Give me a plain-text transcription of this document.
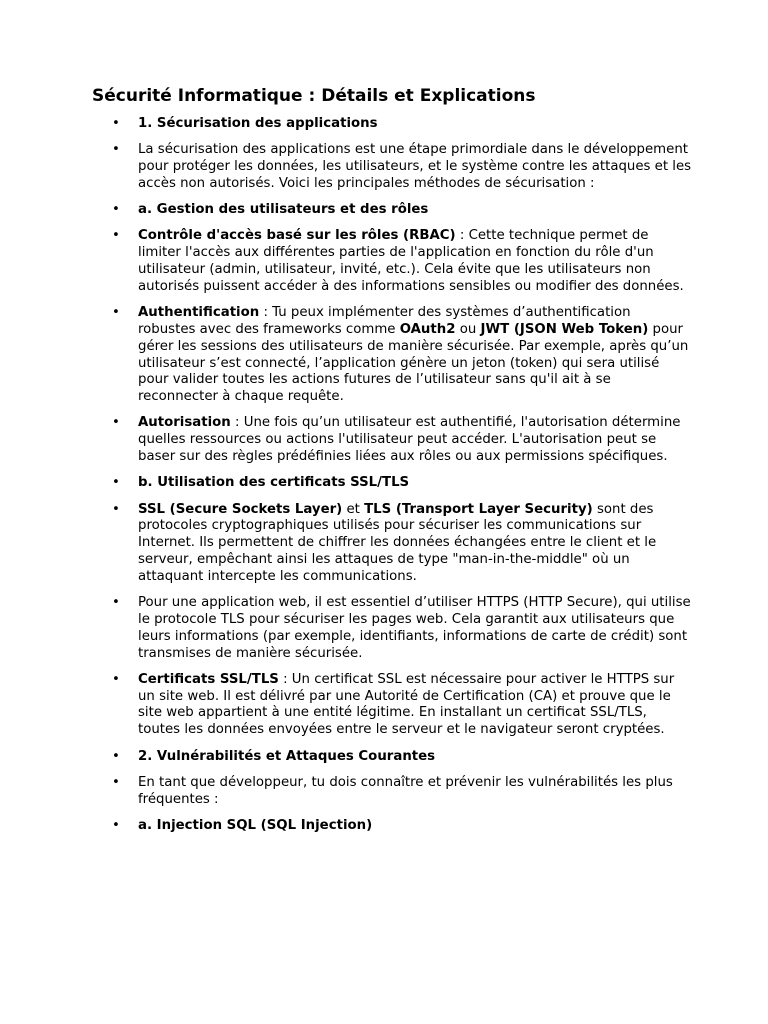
Sécurité Informatique : Détails et Explications
• 1. Sécurisation des applications
• La sécurisation des applications est une étape primordiale dans le développement pour protéger les données, les utilisateurs, et le système contre les attaques et les accès non autorisés. Voici les principales méthodes de sécurisation :
• a. Gestion des utilisateurs et des rôles
• Contrôle d'accès basé sur les rôles (RBAC) : Cette technique permet de limiter l'accès aux différentes parties de l'application en fonction du rôle d'un utilisateur (admin, utilisateur, invité, etc.). Cela évite que les utilisateurs non autorisés puissent accéder à des informations sensibles ou modifier des données.
• Authentification : Tu peux implémenter des systèmes d’authentification robustes avec des frameworks comme OAuth2 ou JWT (JSON Web Token) pour gérer les sessions des utilisateurs de manière sécurisée. Par exemple, après qu’un utilisateur s’est connecté, l’application génère un jeton (token) qui sera utilisé pour valider toutes les actions futures de l’utilisateur sans qu'il ait à se reconnecter à chaque requête.
• Autorisation : Une fois qu’un utilisateur est authentifié, l'autorisation détermine quelles ressources ou actions l'utilisateur peut accéder. L'autorisation peut se baser sur des règles prédéfinies liées aux rôles ou aux permissions spécifiques.
• b. Utilisation des certificats SSL/TLS
• SSL (Secure Sockets Layer) et TLS (Transport Layer Security) sont des protocoles cryptographiques utilisés pour sécuriser les communications sur Internet. Ils permettent de chiffrer les données échangées entre le client et le serveur, empêchant ainsi les attaques de type "man-in-the-middle" où un attaquant intercepte les communications.
• Pour une application web, il est essentiel d’utiliser HTTPS (HTTP Secure), qui utilise le protocole TLS pour sécuriser les pages web. Cela garantit aux utilisateurs que leurs informations (par exemple, identifiants, informations de carte de crédit) sont transmises de manière sécurisée.
• Certificats SSL/TLS : Un certificat SSL est nécessaire pour activer le HTTPS sur un site web. Il est délivré par une Autorité de Certification (CA) et prouve que le site web appartient à une entité légitime. En installant un certificat SSL/TLS, toutes les données envoyées entre le serveur et le navigateur seront cryptées.
• 2. Vulnérabilités et Attaques Courantes
• En tant que développeur, tu dois connaître et prévenir les vulnérabilités les plus fréquentes :
• a. Injection SQL (SQL Injection)
